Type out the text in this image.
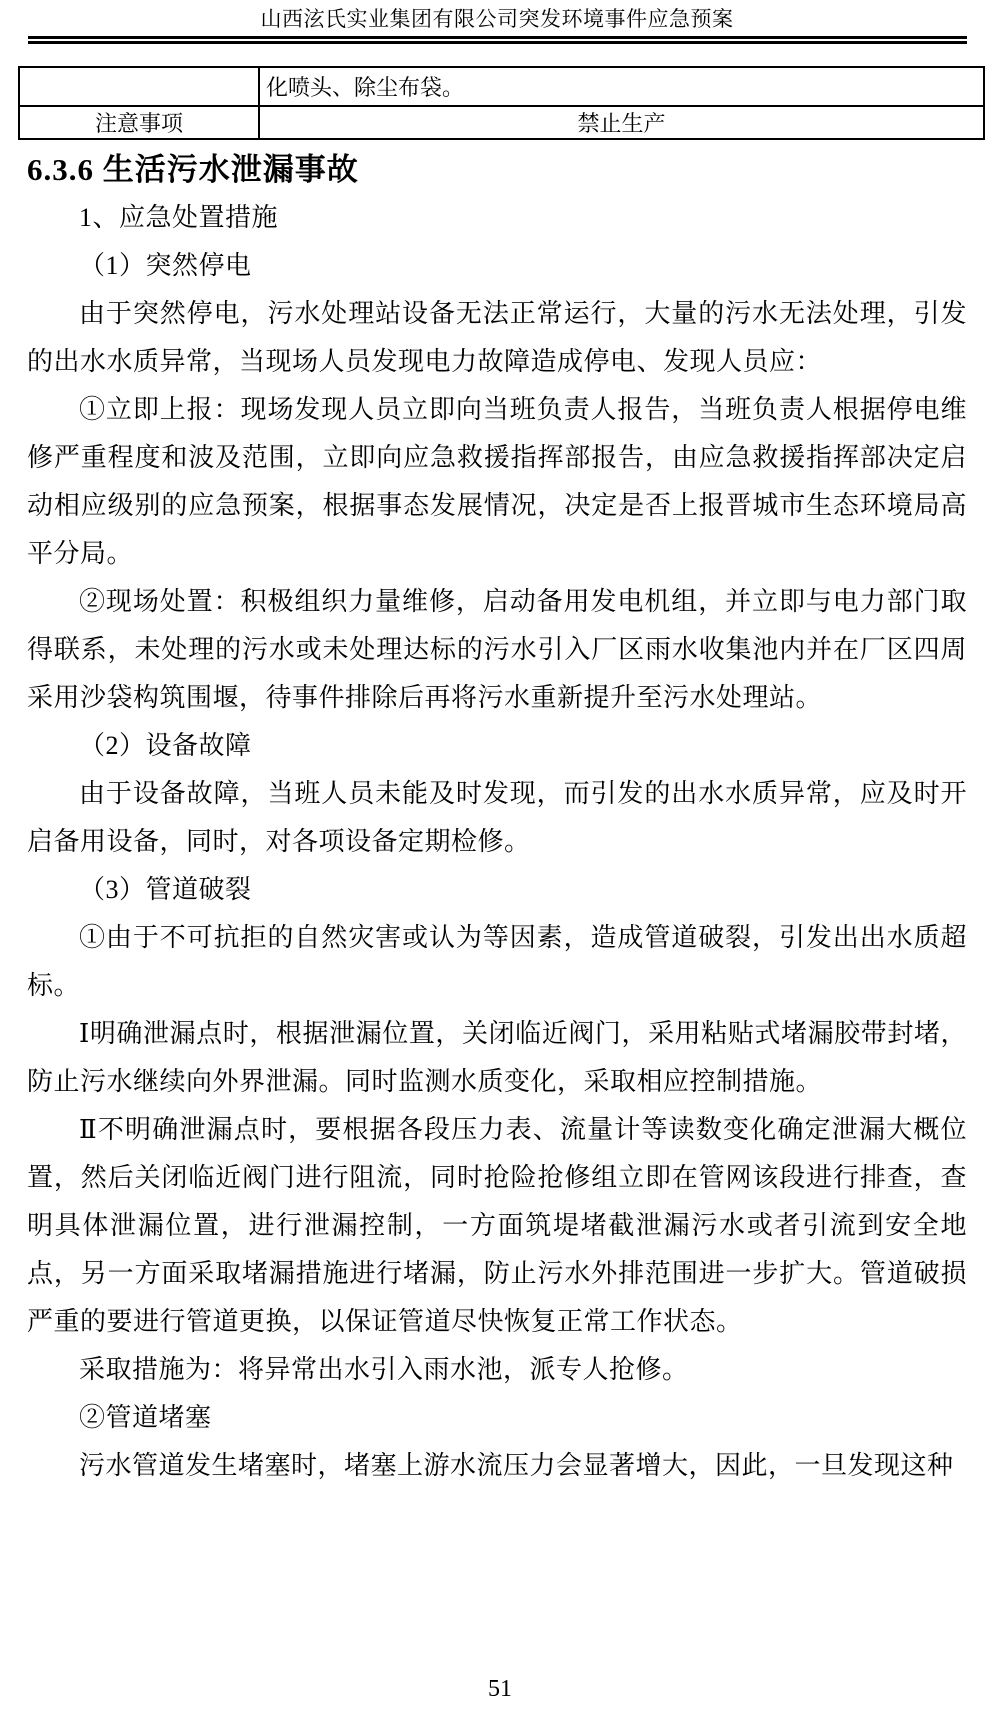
山西泫氏实业集团有限公司突发环境事件应急预案
化喷头、除尘布袋。
注意事项	禁止生产
6.3.6 生活污水泄漏事故

1、应急处置措施

（1）突然停电

由于突然停电，污水处理站设备无法正常运行，大量的污水无法处理，引发的出水水质异常，当现场人员发现电力故障造成停电、发现人员应：

①立即上报：现场发现人员立即向当班负责人报告，当班负责人根据停电维修严重程度和波及范围，立即向应急救援指挥部报告，由应急救援指挥部决定启动相应级别的应急预案，根据事态发展情况，决定是否上报晋城市生态环境局高平分局。

②现场处置：积极组织力量维修，启动备用发电机组，并立即与电力部门取得联系，未处理的污水或未处理达标的污水引入厂区雨水收集池内并在厂区四周采用沙袋构筑围堰，待事件排除后再将污水重新提升至污水处理站。

（2）设备故障

由于设备故障，当班人员未能及时发现，而引发的出水水质异常，应及时开启备用设备，同时，对各项设备定期检修。

（3）管道破裂

①由于不可抗拒的自然灾害或认为等因素，造成管道破裂，引发出出水质超标。

Ⅰ明确泄漏点时，根据泄漏位置，关闭临近阀门，采用粘贴式堵漏胶带封堵，防止污水继续向外界泄漏。同时监测水质变化，采取相应控制措施。

Ⅱ不明确泄漏点时，要根据各段压力表、流量计等读数变化确定泄漏大概位置，然后关闭临近阀门进行阻流，同时抢险抢修组立即在管网该段进行排查，查明具体泄漏位置，进行泄漏控制，一方面筑堤堵截泄漏污水或者引流到安全地点，另一方面采取堵漏措施进行堵漏，防止污水外排范围进一步扩大。管道破损严重的要进行管道更换，以保证管道尽快恢复正常工作状态。

采取措施为：将异常出水引入雨水池，派专人抢修。

②管道堵塞

污水管道发生堵塞时，堵塞上游水流压力会显著增大，因此，一旦发现这种

51
